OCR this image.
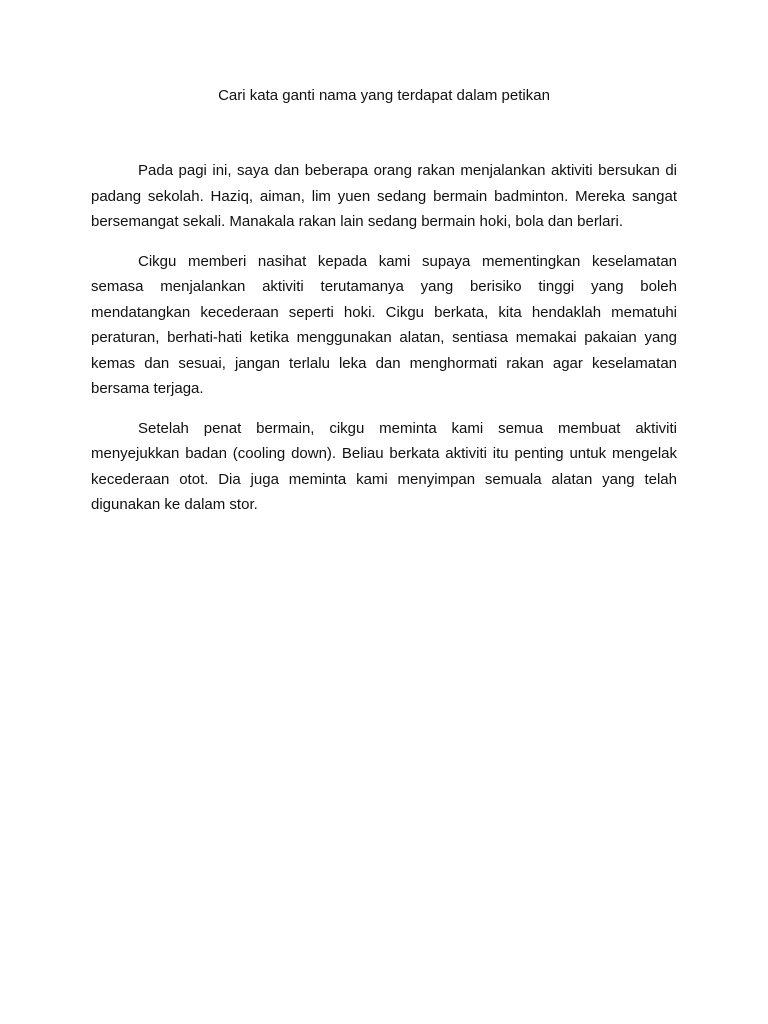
Cari kata ganti nama yang terdapat dalam petikan

Pada pagi ini, saya dan beberapa orang rakan menjalankan aktiviti bersukan di padang sekolah. Haziq, aiman, lim yuen sedang bermain badminton. Mereka sangat bersemangat sekali. Manakala rakan lain sedang bermain hoki, bola dan berlari.

Cikgu memberi nasihat kepada kami supaya mementingkan keselamatan semasa menjalankan aktiviti terutamanya yang berisiko tinggi yang boleh mendatangkan kecederaan seperti hoki. Cikgu berkata, kita hendaklah mematuhi peraturan, berhati-hati ketika menggunakan alatan, sentiasa memakai pakaian yang kemas dan sesuai, jangan terlalu leka dan menghormati rakan agar keselamatan bersama terjaga.

Setelah penat bermain, cikgu meminta kami semua membuat aktiviti menyejukkan badan (cooling down). Beliau berkata aktiviti itu penting untuk mengelak kecederaan otot. Dia juga meminta kami menyimpan semuala alatan yang telah digunakan ke dalam stor.
